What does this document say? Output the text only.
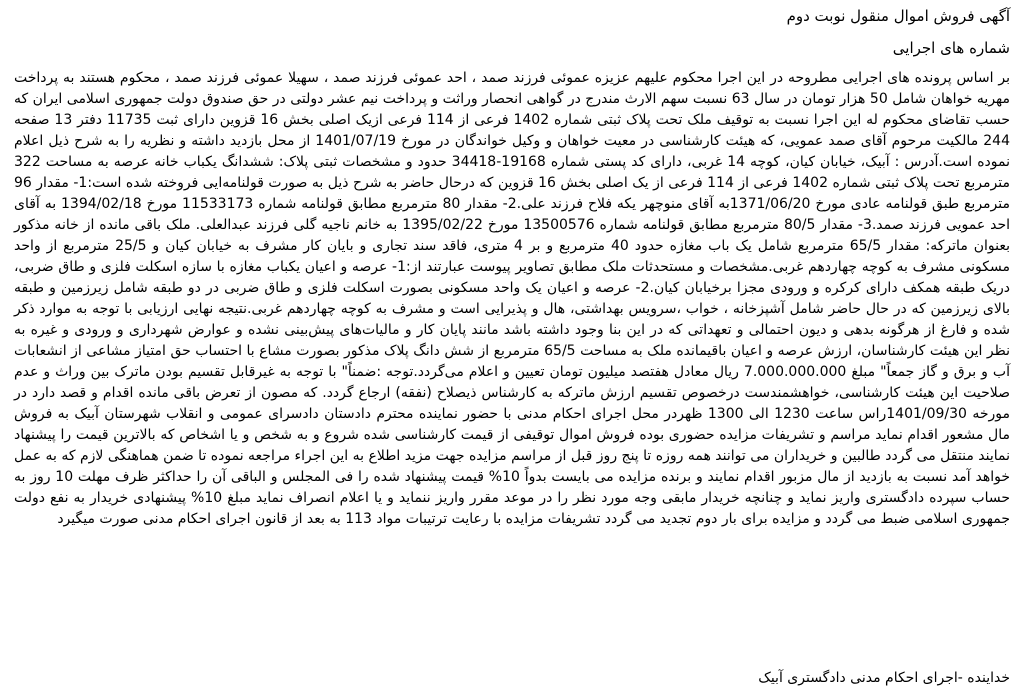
آگهی فروش اموال منقول نوبت دوم
شماره های اجرایی

بر اساس پرونده های اجرایی مطروحه در این اجرا محکوم علیهم عزیزه عموئی فرزند صمد ، احد عموئی فرزند صمد ، سهیلا عموئی فرزند صمد ، محکوم هستند به پرداخت مهریه خواهان شامل 50 هزار تومان در سال 63 نسبت سهم الارث مندرج در گواهی انحصار وراثت و پرداخت نیم عشر دولتی در حق صندوق دولت جمهوری اسلامی ایران که حسب تقاضای محکوم له این اجرا نسبت به توقیف ملک تحت پلاک ثبتی شماره 1402 فرعی از 114 فرعی ازیک اصلی بخش 16 قزوین دارای ثبت 11735 دفتر 13 صفحه 244 مالکیت مرحوم آقای صمد عمویی، که هیئت کارشناسی در معیت خواهان و وکیل خواندگان در مورخ 1401/07/19 از محل بازدید داشته و نظریه را به شرح ذیل اعلام نموده است.آدرس : آبیک، خیابان کیان، کوچه 14 غربی، دارای کد پستی شماره 19168-34418 حدود و مشخصات ثبتی پلاک: ششدانگ یکباب خانه عرصه به مساحت 322 مترمربع تحت پلاک ثبتی شماره 1402 فرعی از 114 فرعی از یک اصلی بخش 16 قزوین که درحال حاضر به شرح ذیل به صورت قولنامه‌ایی فروخته شده است:1- مقدار 96 مترمربع طبق قولنامه عادی مورخ 1371/06/20به آقای منوچهر یکه فلاح فرزند علی.2- مقدار 80 مترمربع مطابق قولنامه شماره 11533173 مورخ 1394/02/18 به آقای احد عمویی فرزند صمد.3- مقدار 80/5 مترمربع مطابق قولنامه شماره 13500576 مورخ 1395/02/22 به خانم ناجیه گلی فرزند عبدالعلی. ملک باقی مانده از خانه مذکور بعنوان ماترکه: مقدار 65/5 مترمربع شامل یک باب مغازه حدود 40 مترمربع و بر 4 متری، فاقد سند تجاری و بایان کار مشرف به خیابان کیان و 25/5 مترمربع از واحد مسکونی مشرف به کوچه چهاردهم غربی.مشخصات و مستحدثات ملک مطابق تصاویر پیوست عبارتند از:1- عرصه و اعیان یکباب مغازه با سازه اسکلت فلزی و طاق ضربی، دریک طبقه همکف دارای کرکره و ورودی مجزا برخیابان کیان.2- عرصه و اعیان یک واحد مسکونی بصورت اسکلت فلزی و طاق ضربی در دو طبقه شامل زیرزمین و طبقه بالای زیرزمین که در حال حاضر شامل آشپزخانه ، خواب ،سرویس بهداشتی، هال و پذیرایی است و مشرف به کوچه چهاردهم غربی.نتیجه نهایی ارزیابی با توجه به موارد ذکر شده و فارغ از هرگونه بدهی و دیون احتمالی و تعهداتی که در این بنا وجود داشته باشد مانند پایان کار و مالیات‌های پیش‌بینی نشده و عوارض شهرداری و ورودی و غیره به نظر این هیئت کارشناسان، ارزش عرصه و اعیان باقیمانده ملک به مساحت 65/5 مترمربع از شش دانگ پلاک مذکور بصورت مشاع با احتساب حق امتیاز مشاعی از انشعابات آب و برق و گاز جمعاً" مبلغ 7.000.000.000 ریال معادل هفتصد میلیون تومان تعیین و اعلام می‌گردد.توجه :ضمناً" با توجه به غیرقابل تقسیم بودن ماترک بین وراث و عدم صلاحیت این هیئت کارشناسی، خواهشمندست درخصوص تقسیم ارزش ماترکه به کارشناس ذیصلاح (نفقه) ارجاع گردد. که مصون از تعرض باقی مانده اقدام و قصد دارد در مورخه 1401/09/30راس ساعت 1230 الی 1300 ظهردر محل اجرای احکام مدنی با حضور نماینده محترم دادستان دادسرای عمومی و انقلاب شهرستان آبیک به فروش مال مشعور اقدام نماید مراسم و تشریفات مزایده حضوری بوده فروش اموال توقیفی از قیمت کارشناسی شده شروع و به شخص و یا اشخاص که بالاترین قیمت را پیشنهاد نمایند منتقل می گردد طالبین و خریداران می توانند همه روزه تا پنج روز قبل از مراسم مزایده جهت مزید اطلاع به این اجراء مراجعه نموده تا ضمن هماهنگی لازم که به عمل خواهد آمد نسبت به بازدید از مال مزبور اقدام نمایند و برنده مزایده می بایست بدواً 10% قیمت پیشنهاد شده را فی المجلس و الباقی آن را حداکثر ظرف مهلت 10 روز به حساب سپرده دادگستری واریز نماید و چنانچه خریدار مابقی وجه مورد نظر را در موعد مقرر واریز ننماید و یا اعلام انصراف نماید مبلغ 10% پیشنهادی خریدار به نفع دولت جمهوری اسلامی ضبط می گردد و مزایده برای بار دوم تجدید می گردد تشریفات مزایده با رعایت ترتیبات مواد 113 به بعد از قانون اجرای احکام مدنی صورت میگیرد

خداینده -اجرای احکام مدنی دادگستری آبیک
